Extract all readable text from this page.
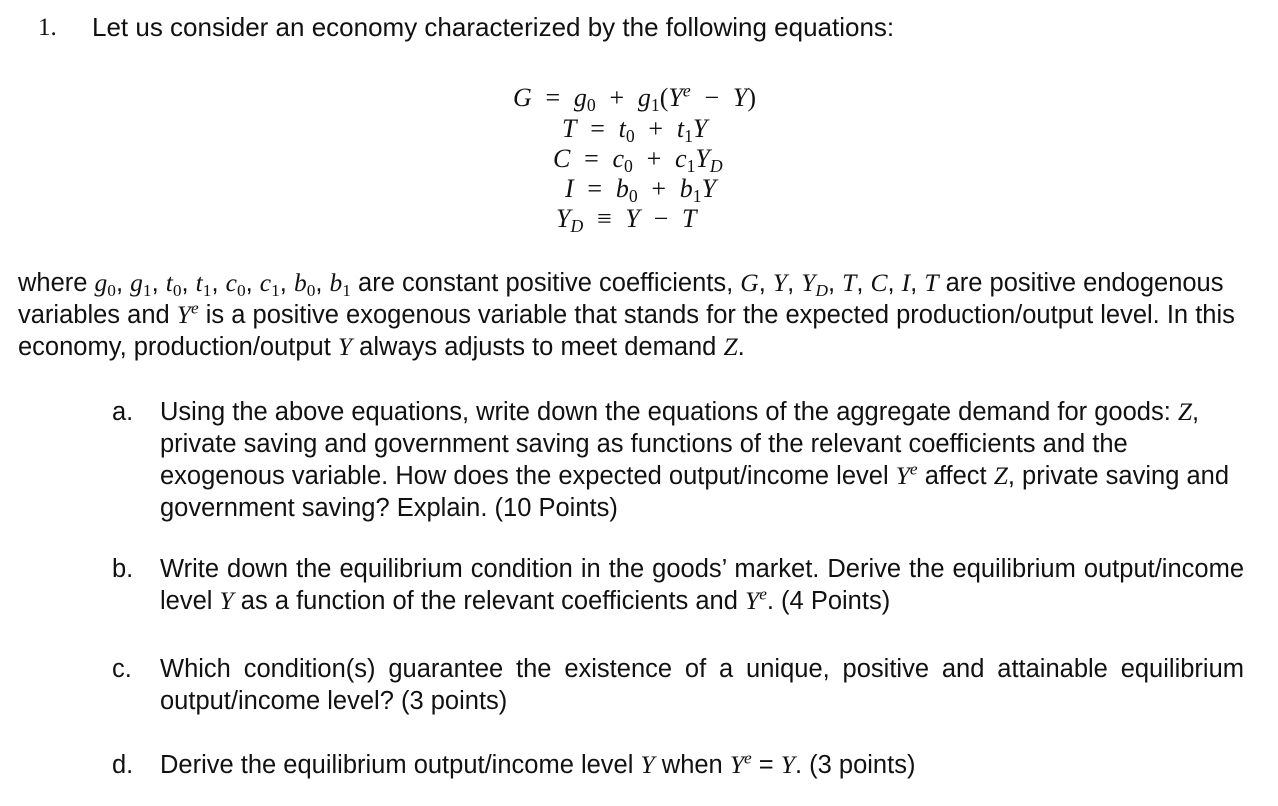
1. Let us consider an economy characterized by the following equations:
$G = g_0 + g_1(Y^e - Y)$
$T = t_0 + t_1Y$
$C = c_0 + c_1Y_D$
$I = b_0 + b_1Y$
$Y_D \equiv Y - T$
where $g_0$, $g_1$, $t_0$, $t_1$, $c_0$, $c_1$, $b_0$, $b_1$ are constant positive coefficients, G, Y, $Y_D$, T, C, I, T are positive endogenous variables and $Y^e$ is a positive exogenous variable that stands for the expected production/output level. In this economy, production/output Y always adjusts to meet demand Z.
a. Using the above equations, write down the equations of the aggregate demand for goods: Z, private saving and government saving as functions of the relevant coefficients and the exogenous variable. How does the expected output/income level $Y^e$ affect Z, private saving and government saving? Explain. (10 Points)
b. Write down the equilibrium condition in the goods’ market. Derive the equilibrium output/income level Y as a function of the relevant coefficients and $Y^e$. (4 Points)
c. Which condition(s) guarantee the existence of a unique, positive and attainable equilibrium output/income level? (3 points)
d. Derive the equilibrium output/income level Y when $Y^e = Y$. (3 points)
